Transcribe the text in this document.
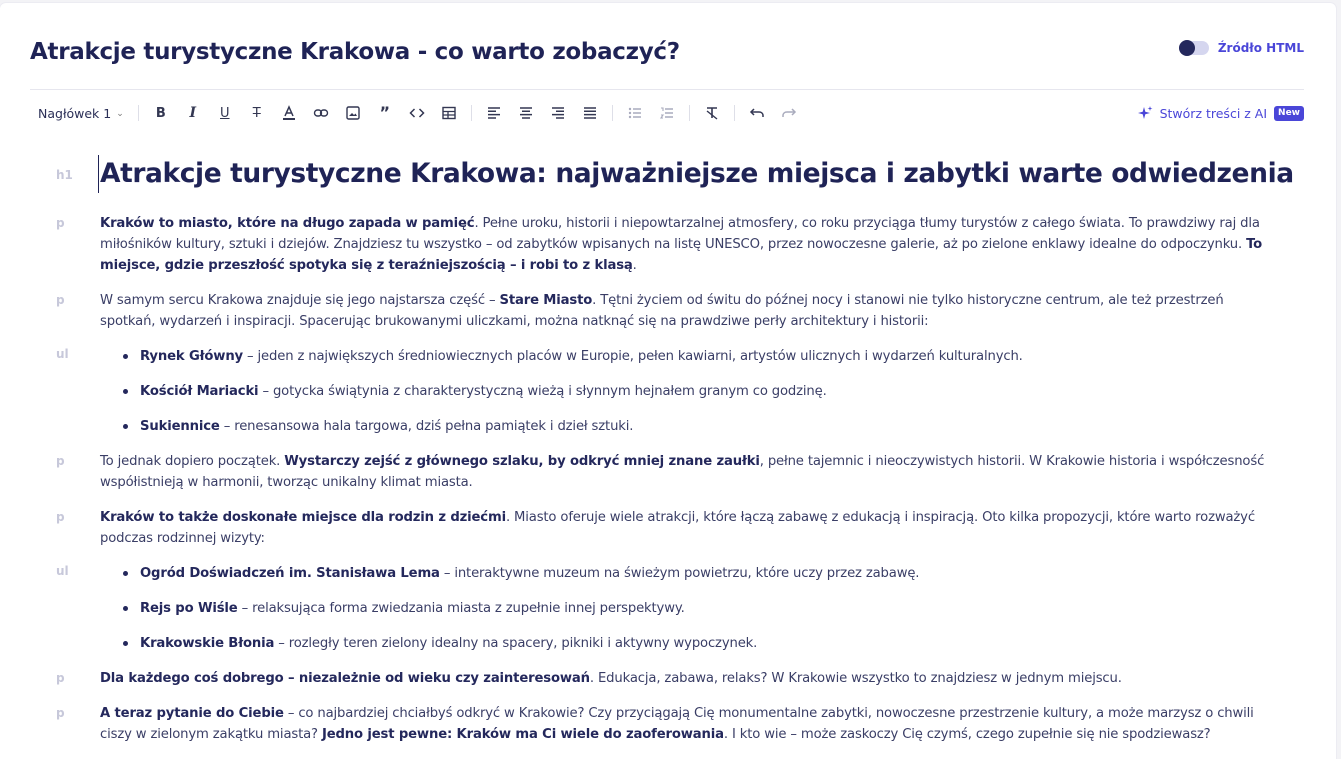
Atrakcje turystyczne Krakowa - co warto zobaczyć?	Źródło HTML
Nagłówek 1 ⌄ B I U T	”	Stwórz treści z AI	New
h1	Atrakcje turystyczne Krakowa: najważniejsze miejsca i zabytki warte odwiedzenia
p	Kraków to miasto, które na długo zapada w pamięć. Pełne uroku, historii i niepowtarzalnej atmosfery, co roku przyciąga tłumy turystów z całego świata. To prawdziwy raj dla miłośników kultury, sztuki i dziejów. Znajdziesz tu wszystko – od zabytków wpisanych na listę UNESCO, przez nowoczesne galerie, aż po zielone enklawy idealne do odpoczynku. To miejsce, gdzie przeszłość spotyka się z teraźniejszością – i robi to z klasą.
p	W samym sercu Krakowa znajduje się jego najstarsza część – Stare Miasto. Tętni życiem od świtu do późnej nocy i stanowi nie tylko historyczne centrum, ale też przestrzeń spotkań, wydarzeń i inspiracji. Spacerując brukowanymi uliczkami, można natknąć się na prawdziwe perły architektury i historii:
ul	Rynek Główny – jeden z największych średniowiecznych placów w Europie, pełen kawiarni, artystów ulicznych i wydarzeń kulturalnych.
Kościół Mariacki – gotycka świątynia z charakterystyczną wieżą i słynnym hejnałem granym co godzinę.
Sukiennice – renesansowa hala targowa, dziś pełna pamiątek i dzieł sztuki.
p	To jednak dopiero początek. Wystarczy zejść z głównego szlaku, by odkryć mniej znane zaułki, pełne tajemnic i nieoczywistych historii. W Krakowie historia i współczesność współistnieją w harmonii, tworząc unikalny klimat miasta.
p	Kraków to także doskonałe miejsce dla rodzin z dziećmi. Miasto oferuje wiele atrakcji, które łączą zabawę z edukacją i inspiracją. Oto kilka propozycji, które warto rozważyć podczas rodzinnej wizyty:
ul	Ogród Doświadczeń im. Stanisława Lema – interaktywne muzeum na świeżym powietrzu, które uczy przez zabawę.
Rejs po Wiśle – relaksująca forma zwiedzania miasta z zupełnie innej perspektywy.
Krakowskie Błonia – rozległy teren zielony idealny na spacery, pikniki i aktywny wypoczynek.
p	Dla każdego coś dobrego – niezależnie od wieku czy zainteresowań. Edukacja, zabawa, relaks? W Krakowie wszystko to znajdziesz w jednym miejscu.
p	A teraz pytanie do Ciebie – co najbardziej chciałbyś odkryć w Krakowie? Czy przyciągają Cię monumentalne zabytki, nowoczesne przestrzenie kultury, a może marzysz o chwili ciszy w zielonym zakątku miasta? Jedno jest pewne: Kraków ma Ci wiele do zaoferowania. I kto wie – może zaskoczy Cię czymś, czego zupełnie się nie spodziewasz?
